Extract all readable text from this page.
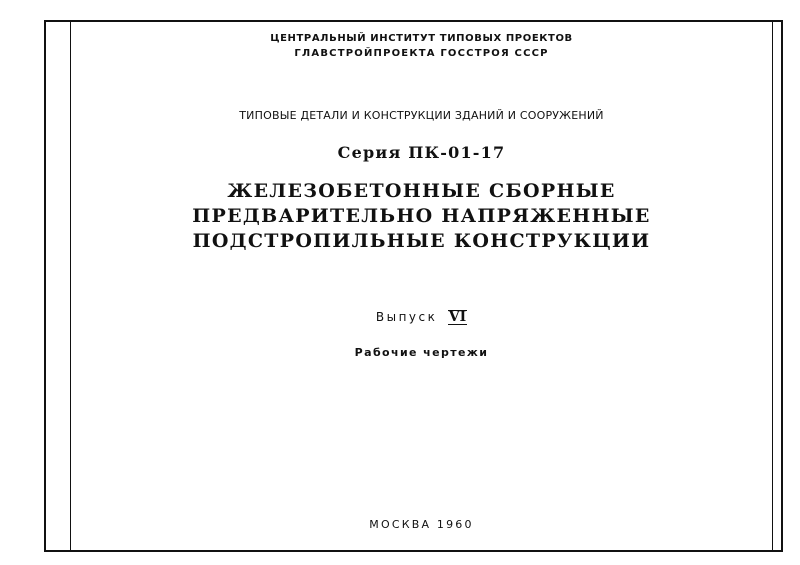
ЦЕНТРАЛЬНЫЙ ИНСТИТУТ ТИПОВЫХ ПРОЕКТОВ
ГЛАВСТРОЙПРОЕКТА ГОССТРОЯ СССР
ТИПОВЫЕ ДЕТАЛИ И КОНСТРУКЦИИ ЗДАНИЙ И СООРУЖЕНИЙ
Серия ПК-01-17
ЖЕЛЕЗОБЕТОННЫЕ СБОРНЫЕ
ПРЕДВАРИТЕЛЬНО НАПРЯЖЕННЫЕ
ПОДСТРОПИЛЬНЫЕ КОНСТРУКЦИИ
Выпуск VI
Рабочие чертежи
МОСКВА 1960
